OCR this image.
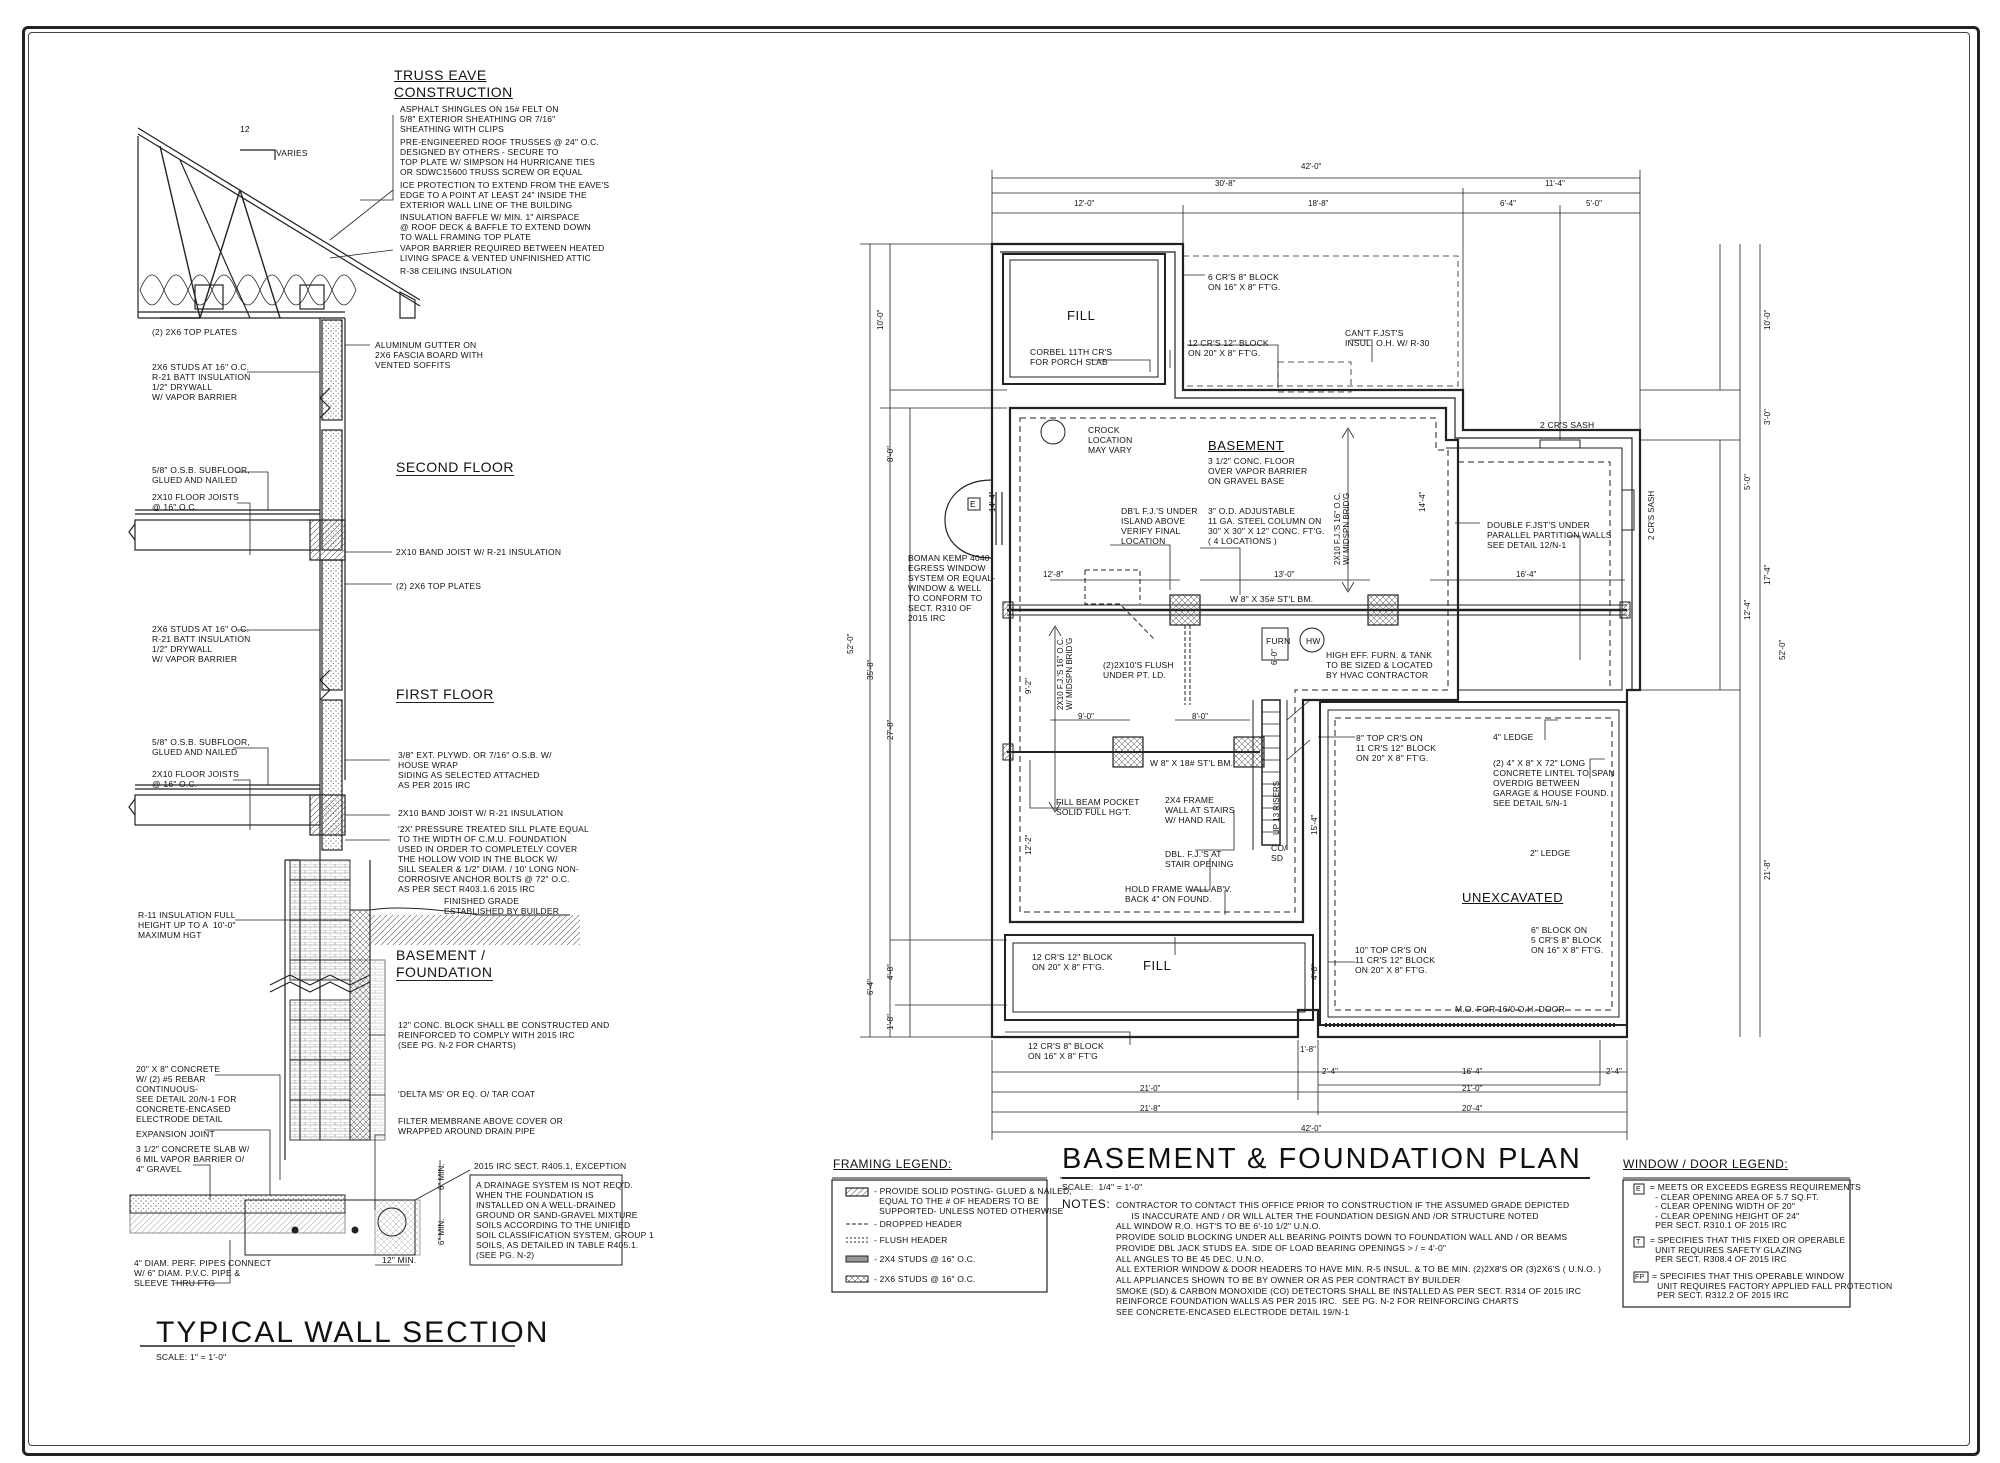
TRUSS EAVE
CONSTRUCTION
12
VARIES
ASPHALT SHINGLES ON 15# FELT ON
5/8" EXTERIOR SHEATHING OR 7/16"
SHEATHING WITH CLIPS
PRE-ENGINEERED ROOF TRUSSES @ 24" O.C.
DESIGNED BY OTHERS - SECURE TO
TOP PLATE W/ SIMPSON H4 HURRICANE TIES
OR SDWC15600 TRUSS SCREW OR EQUAL
ICE PROTECTION TO EXTEND FROM THE EAVE'S
EDGE TO A POINT AT LEAST 24" INSIDE THE
EXTERIOR WALL LINE OF THE BUILDING
INSULATION BAFFLE W/ MIN. 1" AIRSPACE
@ ROOF DECK & BAFFLE TO EXTEND DOWN
TO WALL FRAMING TOP PLATE
VAPOR BARRIER REQUIRED BETWEEN HEATED
LIVING SPACE & VENTED UNFINISHED ATTIC
R-38 CEILING INSULATION
(2) 2X6 TOP PLATES
ALUMINUM GUTTER ON
2X6 FASCIA BOARD WITH
VENTED SOFFITS
2X6 STUDS AT 16" O.C.
R-21 BATT INSULATION
1/2" DRYWALL
W/ VAPOR BARRIER
SECOND FLOOR
5/8" O.S.B. SUBFLOOR,
GLUED AND NAILED
2X10 FLOOR JOISTS
@ 16" O.C.
2X10 BAND JOIST W/ R-21 INSULATION
(2) 2X6 TOP PLATES
2X6 STUDS AT 16" O.C.
R-21 BATT INSULATION
1/2" DRYWALL
W/ VAPOR BARRIER
FIRST FLOOR
5/8" O.S.B. SUBFLOOR,
GLUED AND NAILED
2X10 FLOOR JOISTS
@ 16" O.C.
3/8" EXT. PLYWD. OR 7/16" O.S.B. W/
HOUSE WRAP
SIDING AS SELECTED ATTACHED
AS PER 2015 IRC
2X10 BAND JOIST W/ R-21 INSULATION
'2X' PRESSURE TREATED SILL PLATE EQUAL
TO THE WIDTH OF C.M.U. FOUNDATION
USED IN ORDER TO COMPLETELY COVER
THE HOLLOW VOID IN THE BLOCK W/
SILL SEALER & 1/2" DIAM. / 10' LONG NON-
CORROSIVE ANCHOR BOLTS @ 72" O.C.
AS PER SECT R403.1.6 2015 IRC
FINISHED GRADE
ESTABLISHED BY BUILDER
R-11 INSULATION FULL
HEIGHT UP TO A  10'-0"
MAXIMUM HGT
BASEMENT /
FOUNDATION
12" CONC. BLOCK SHALL BE CONSTRUCTED AND
REINFORCED TO COMPLY WITH 2015 IRC
(SEE PG. N-2 FOR CHARTS)
20" X 8" CONCRETE
W/ (2) #5 REBAR
CONTINUOUS-
SEE DETAIL 20/N-1 FOR
CONCRETE-ENCASED
ELECTRODE DETAIL
'DELTA MS' OR EQ. O/ TAR COAT
EXPANSION JOINT
3 1/2" CONCRETE SLAB W/
6 MIL VAPOR BARRIER O/
4" GRAVEL
FILTER MEMBRANE ABOVE COVER OR
WRAPPED AROUND DRAIN PIPE
2015 IRC SECT. R405.1, EXCEPTION
A DRAINAGE SYSTEM IS NOT REQ'D.
WHEN THE FOUNDATION IS
INSTALLED ON A WELL-DRAINED
GROUND OR SAND-GRAVEL MIXTURE
SOILS ACCORDING TO THE UNIFIED
SOIL CLASSIFICATION SYSTEM, GROUP 1
SOILS, AS DETAILED IN TABLE R405.1.
(SEE PG. N-2)
4" DIAM. PERF. PIPES CONNECT
W/ 6" DIAM. P.V.C. PIPE &
SLEEVE THRU FTG
6" MIN.
6" MIN.
12" MIN.
TYPICAL WALL SECTION
SCALE: 1" = 1'-0"
FILL
BASEMENT
FILL
UNEXCAVATED
6 CR'S 8" BLOCK
ON 16" X 8" FT'G.
CORBEL 11TH CR'S
FOR PORCH SLAB
12 CR'S 12" BLOCK
ON 20" X 8" FT'G.
CAN'T F.JST'S
INSUL. O.H. W/ R-30
CROCK
LOCATION
MAY VARY
3 1/2" CONC. FLOOR
OVER VAPOR BARRIER
ON GRAVEL BASE
DB'L F.J.'S UNDER
ISLAND ABOVE
VERIFY FINAL
LOCATION
3" O.D. ADJUSTABLE
11 GA. STEEL COLUMN ON
30" X 30" X 12" CONC. FT'G.
( 4 LOCATIONS )
2X10 F.J.'S 16" O.C.
W/ MIDSPN BRID'G
2 CR'S SASH
2 CR'S SASH
DOUBLE F.JST'S UNDER
PARALLEL PARTITION WALLS
SEE DETAIL 12/N-1
BOMAN KEMP 4040
EGRESS WINDOW
SYSTEM OR EQUAL-
WINDOW & WELL
TO CONFORM TO
SECT. R310 OF
2015 IRC
E
W 8" X 35# ST'L BM.
FURN HW
HIGH EFF. FURN. & TANK
TO BE SIZED & LOCATED
BY HVAC CONTRACTOR
(2)2X10'S FLUSH
UNDER PT. LD.
2X10 F.J.'S 16" O.C.
W/ MIDSPN BRID'G
8" TOP CR'S ON
11 CR'S 12" BLOCK
ON 20" X 8" FT'G.
4" LEDGE
(2) 4" X 8" X 72" LONG
CONCRETE LINTEL TO SPAN
OVERDIG BETWEEN
GARAGE & HOUSE FOUND.
SEE DETAIL 5/N-1
W 8" X 18# ST'L BM.
FILL BEAM POCKET
SOLID FULL HG'T.
2X4 FRAME
WALL AT STAIRS
W/ HAND RAIL	UP 13 RISERS
DBL. F.J.'S AT
STAIR OPENING
CO/
SD	2" LEDGE
HOLD FRAME WALL AB'V.
BACK 4" ON FOUND.
12 CR'S 12" BLOCK
ON 20" X 8" FT'G.
10" TOP CR'S ON
11 CR'S 12" BLOCK
ON 20" X 8" FT'G.
6" BLOCK ON
5 CR'S 8" BLOCK
ON 16" X 8" FT'G.
M.O. FOR 16/0 O.H. DOOR
12 CR'S 8" BLOCK
ON 16" X 8" FT'G
42'-0"
30'-8"	11'-4"
12'-0"	18'-8"	6'-4"	5'-0"
1'-8"
2'-4"	16'-4"	2'-4"
21'-0"	21'-0"
21'-8"	20'-4"
42'-0"
52'-0"
35'-8"
10'-0"
8'-0"
27'-8"
6'-4"
4'-8"
1'-8"
52'-0"
10'-0"
3'-0"
5'-0"
17'-4"
12'-4"
21'-8"
14'-4"	14'-4"
12'-8"	13'-0"	16'-4"
9'-2"
9'-0"	8'-0"
12'-2"
6'-0"
15'-4"
4'-8"
BASEMENT & FOUNDATION PLAN
SCALE:  1/4" = 1'-0"
NOTES: CONTRACTOR TO CONTACT THIS OFFICE PRIOR TO CONSTRUCTION IF THE ASSUMED GRADE DEPICTED
IS INACCURATE AND / OR WILL ALTER THE FOUNDATION DESIGN AND /OR STRUCTURE NOTED
ALL WINDOW R.O. HGT'S TO BE 6'-10 1/2" U.N.O.
PROVIDE SOLID BLOCKING UNDER ALL BEARING POINTS DOWN TO FOUNDATION WALL AND / OR BEAMS
PROVIDE DBL JACK STUDS EA. SIDE OF LOAD BEARING OPENINGS > / = 4'-0"
ALL ANGLES TO BE 45 DEC. U.N.O.
ALL EXTERIOR WINDOW & DOOR HEADERS TO HAVE MIN. R-5 INSUL. & TO BE MIN. (2)2X8'S OR (3)2X6'S ( U.N.O. )
ALL APPLIANCES SHOWN TO BE BY OWNER OR AS PER CONTRACT BY BUILDER
SMOKE (SD) & CARBON MONOXIDE (CO) DETECTORS SHALL BE INSTALLED AS PER SECT. R314 OF 2015 IRC
REINFORCE FOUNDATION WALLS AS PER 2015 IRC.  SEE PG. N-2 FOR REINFORCING CHARTS
SEE CONCRETE-ENCASED ELECTRODE DETAIL 19/N-1
FRAMING LEGEND:
- PROVIDE SOLID POSTING- GLUED & NAILED,
EQUAL TO THE # OF HEADERS TO BE
SUPPORTED- UNLESS NOTED OTHERWISE
- DROPPED HEADER
- FLUSH HEADER
- 2X4 STUDS @ 16" O.C.
- 2X6 STUDS @ 16" O.C.
WINDOW / DOOR LEGEND:
E = MEETS OR EXCEEDS EGRESS REQUIREMENTS
- CLEAR OPENING AREA OF 5.7 SQ.FT.
- CLEAR OPENING WIDTH OF 20"
- CLEAR OPENING HEIGHT OF 24"
PER SECT. R310.1 OF 2015 IRC
T = SPECIFIES THAT THIS FIXED OR OPERABLE
UNIT REQUIRES SAFETY GLAZING
PER SECT. R308.4 OF 2015 IRC
FP = SPECIFIES THAT THIS OPERABLE WINDOW
UNIT REQUIRES FACTORY APPLIED FALL PROTECTION
PER SECT. R312.2 OF 2015 IRC
